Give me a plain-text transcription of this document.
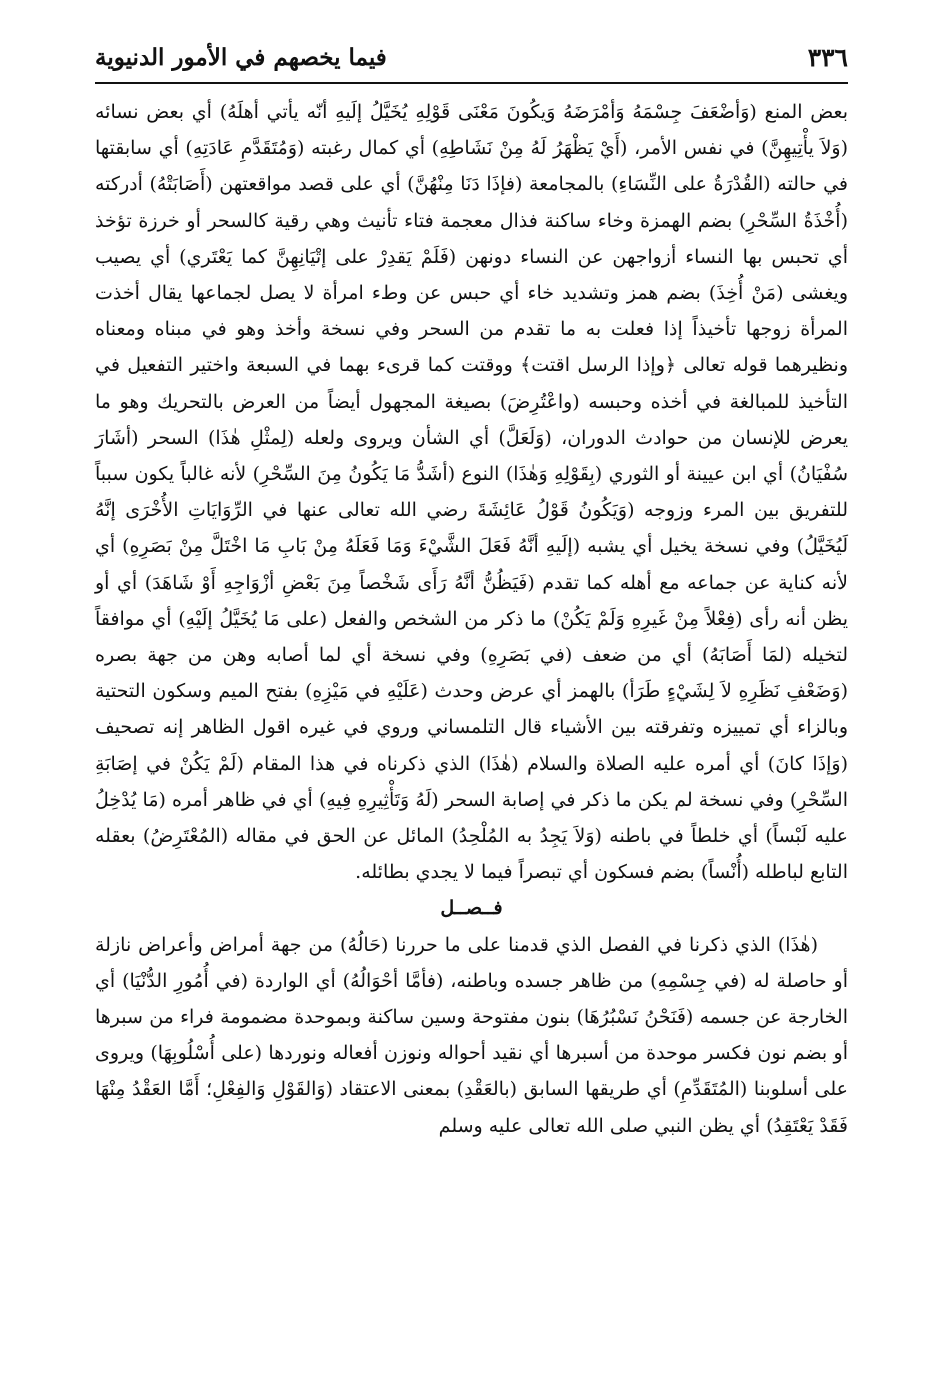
٣٣٦
فيما يخصهم في الأمور الدنيوية

بعض المنع (وَأضْعَفَ جِسْمَهُ وَأمْرَضَهُ وَيكُونَ مَعْنَى قَوْلِهِ يُخَيَّلُ إلَيهِ أنّه يأتي أهلَهُ) أي بعض نسائه (وَلاَ يأْتِيهِنَّ) في نفس الأمر، (أَيْ يَظْهَرُ لَهُ مِنْ نَشَاطِهِ) أي كمال رغبته (وَمُتَقَدَّمِ عَادَتِهِ) أي سابقتها في حالته (القُدْرَةُ على النِّسَاءِ) بالمجامعة (فإذَا دَنَا مِنْهُنَّ) أي على قصد مواقعتهن (أَصَابَتْهُ) أدركته (أُخْذَةُ السِّحْرِ) بضم الهمزة وخاء ساكنة فذال معجمة فتاء تأنيث وهي رقية كالسحر أو خرزة تؤخذ أي تحبس بها النساء أزواجهن عن النساء دونهن (فَلَمْ يَقدِرْ على إتْيَانِهِنَّ كما يَعْتَري) أي يصيب ويغشى (مَنْ أُخِذَ) بضم همز وتشديد خاء أي حبس عن وطء امرأة لا يصل لجماعها يقال أخذت المرأة زوجها تأخيذاً إذا فعلت به ما تقدم من السحر وفي نسخة وأخذ وهو في مبناه ومعناه ونظيرهما قوله تعالى ﴿وإذا الرسل اقتت﴾ ووقتت كما قرىء بهما في السبعة واختير التفعيل في التأخيذ للمبالغة في أخذه وحبسه (واعْتُرِضَ) بصيغة المجهول أيضاً من العرض بالتحريك وهو ما يعرض للإنسان من حوادث الدوران، (وَلَعَلَّ) أي الشأن ويروى ولعله (لِمثْلِ هٰذَا) السحر (أشَارَ سُفْيَانُ) أي ابن عيينة أو الثوري (بِقَوْلِهِ وَهٰذَا) النوع (أشَدُّ مَا يَكُونُ مِنَ السِّحْرِ) لأنه غالباً يكون سبباً للتفريق بين المرء وزوجه (وَيَكُونُ قَوْلُ عَائِشَةَ رضي الله تعالى عنها في الرِّوَايَاتِ الأُخْرَى إنَّهُ لَيُخَيَّلُ) وفي نسخة يخيل أي يشبه (إلَيهِ أنَّهُ فَعَلَ الشَّيْءَ وَمَا فَعَلَهُ مِنْ بَابِ مَا اخْتَلَّ مِنْ بَصَرِهِ) أي لأنه كناية عن جماعه مع أهله كما تقدم (فَيَظُنُّ أنَّهُ رَأَى شَخْصاً مِنَ بَعْضِ أزْوَاجِهِ أَوْ شَاهَدَ) أي أو يظن أنه رأى (فِعْلاً مِنْ غَيرِهِ وَلَمْ يَكُنْ) ما ذكر من الشخص والفعل (على مَا يُخَيَّلُ إلَيْهِ) أي موافقاً لتخيله (لمَا أَصَابَهُ) أي من ضعف (في بَصَرِهِ) وفي نسخة أي لما أصابه وهن من جهة بصره (وَضَعْفِ نَظَرِهِ لاَ لِشَيْءٍ طَرَأ) بالهمز أي عرض وحدث (عَلَيْهِ في مَيْزِهِ) بفتح الميم وسكون التحتية وبالزاء أي تمييزه وتفرقته بين الأشياء قال التلمساني وروي في غيره اقول الظاهر إنه تصحيف (وَإذَا كانَ) أي أمره عليه الصلاة والسلام (هٰذَا) الذي ذكرناه في هذا المقام (لَمْ يَكُنْ في إصَابَةِ السِّحْرِ) وفي نسخة لم يكن ما ذكر في إصابة السحر (لَهُ وَتَأْثِيرِهِ فِيهِ) أي في ظاهر أمره (مَا يُدْخِلُ عليه لَبْساً) أي خلطاً في باطنه (وَلاَ يَجِدُ به المُلْحِدُ) المائل عن الحق في مقاله (المُعْتَرِضُ) بعقله التابع لباطله (أُنْساً) بضم فسكون أي تبصراً فيما لا يجدي بطائله.

فــصــل

(هٰذَا) الذي ذكرنا في الفصل الذي قدمنا على ما حررنا (حَالُهُ) من جهة أمراض وأعراض نازلة أو حاصلة له (في جِسْمِهِ) من ظاهر جسده وباطنه، (فأمَّا أحْوَالُهُ) أي الواردة (في أُمُورِ الدُّنْيَا) أي الخارجة عن جسمه (فَنَحْنُ نَسْبُرُهَا) بنون مفتوحة وسين ساكنة وبموحدة مضمومة فراء من سبرها أو بضم نون فكسر موحدة من أسبرها أي نقيد أحواله ونوزن أفعاله ونوردها (على أُسْلُوبِهَا) ويروى على أسلوبنا (المُتَقَدِّمِ) أي طريقها السابق (بالعَقْدِ) بمعنى الاعتقاد (وَالقَوْلِ وَالفِعْلِ؛ أَمَّا العَقْدُ مِنْهَا فَقَدْ يَعْتَقِدُ) أي يظن النبي صلى الله تعالى عليه وسلم
